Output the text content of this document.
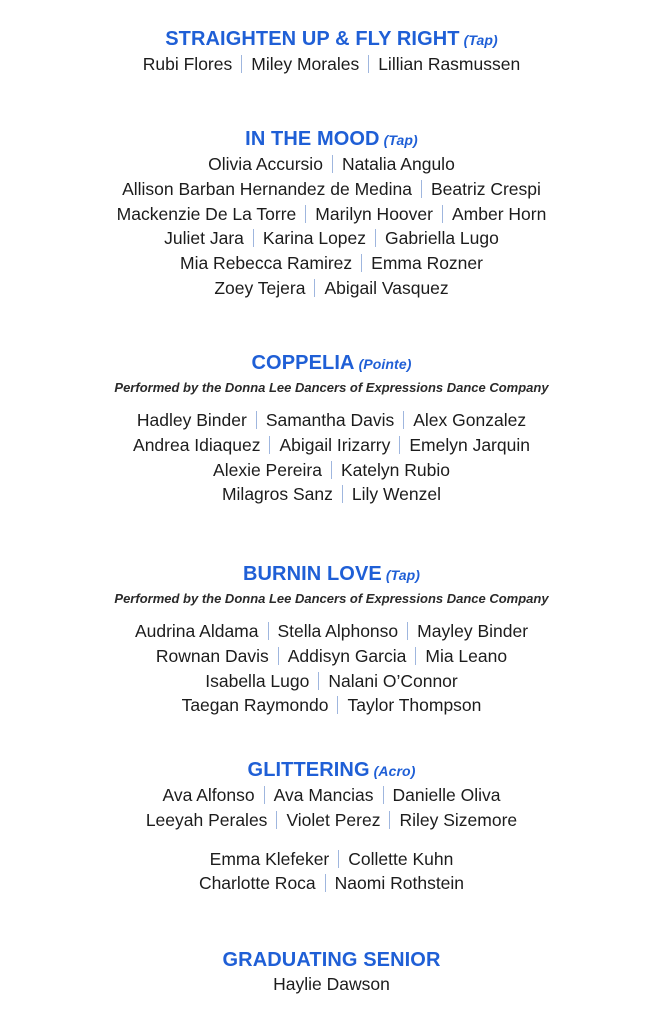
STRAIGHTEN UP & FLY RIGHT (Tap)
Rubi Flores Miley Morales Lillian Rasmussen
IN THE MOOD (Tap)
Olivia Accursio Natalia Angulo
Allison Barban Hernandez de Medina Beatriz Crespi
Mackenzie De La Torre Marilyn Hoover Amber Horn
Juliet Jara Karina Lopez Gabriella Lugo
Mia Rebecca Ramirez Emma Rozner
Zoey Tejera Abigail Vasquez
COPPELIA (Pointe)
Performed by the Donna Lee Dancers of Expressions Dance Company
Hadley Binder Samantha Davis Alex Gonzalez
Andrea Idiaquez Abigail Irizarry Emelyn Jarquin
Alexie Pereira Katelyn Rubio
Milagros Sanz Lily Wenzel
BURNIN LOVE (Tap)
Performed by the Donna Lee Dancers of Expressions Dance Company
Audrina Aldama Stella Alphonso Mayley Binder
Rownan Davis Addisyn Garcia Mia Leano
Isabella Lugo Nalani O’Connor
Taegan Raymondo Taylor Thompson
GLITTERING (Acro)
Ava Alfonso Ava Mancias Danielle Oliva
Leeyah Perales Violet Perez Riley Sizemore
Emma Klefeker Collette Kuhn
Charlotte Roca Naomi Rothstein
GRADUATING SENIOR
Haylie Dawson
